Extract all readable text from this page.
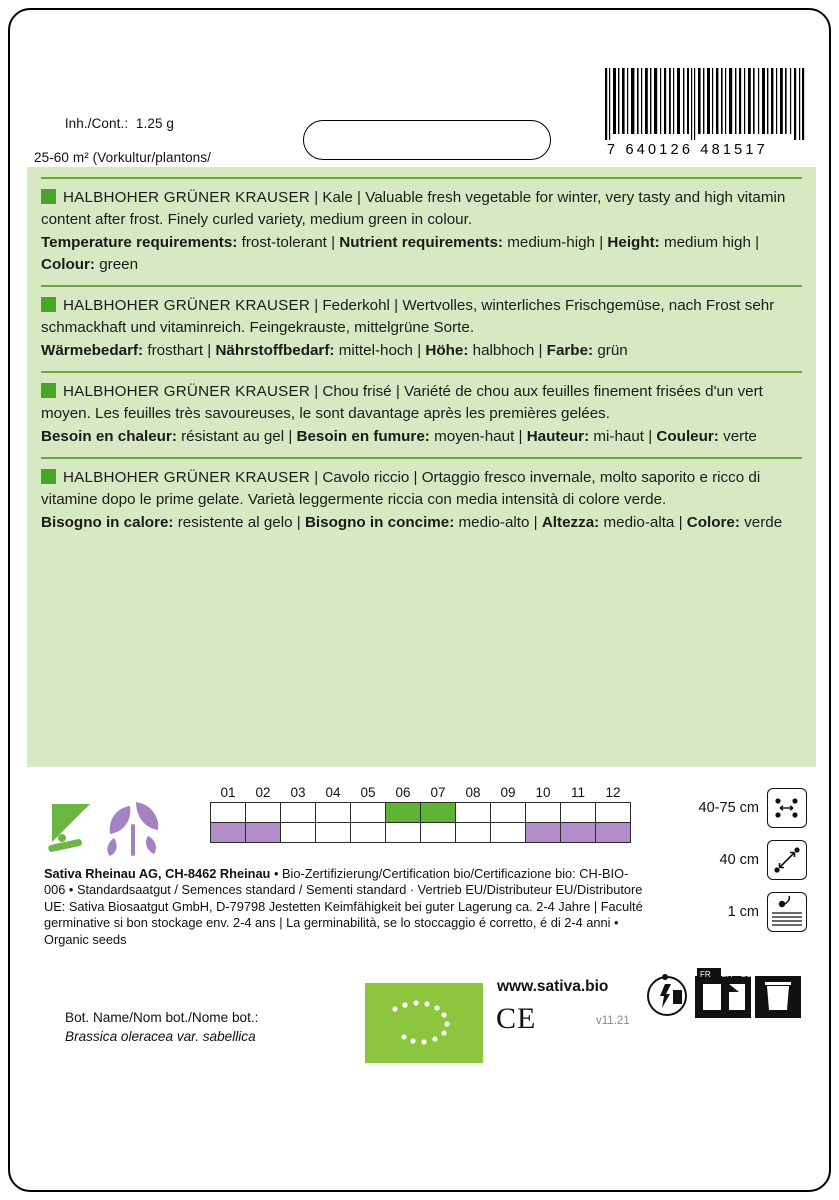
Inh./Cont.: 1.25 g

25-60 m² (Vorkultur/plantons/	7 640126 481517
HALBHOHER GRÜNER KRAUSER | Kale | Valuable fresh vegetable for winter, very tasty and high vitamin content after frost. Finely curled variety, medium green in colour.
Temperature requirements: frost-tolerant | Nutrient requirements: medium-high | Height: medium high | Colour: green
HALBHOHER GRÜNER KRAUSER | Federkohl | Wertvolles, winterliches Frischgemüse, nach Frost sehr schmackhaft und vitaminreich. Feingekrauste, mittelgrüne Sorte.
Wärmebedarf: frosthart | Nährstoffbedarf: mittel-hoch | Höhe: halbhoch | Farbe: grün
HALBHOHER GRÜNER KRAUSER | Chou frisé | Variété de chou aux feuilles finement frisées d'un vert moyen. Les feuilles très savoureuses, le sont davantage après les premières gelées.
Besoin en chaleur: résistant au gel | Besoin en fumure: moyen-haut | Hauteur: mi-haut | Couleur: verte
HALBHOHER GRÜNER KRAUSER | Cavolo riccio | Ortaggio fresco invernale, molto saporito e ricco di vitamine dopo le prime gelate. Varietà leggermente riccia con media intensità di colore verde.
Bisogno in calore: resistente al gelo | Bisogno in concime: medio-alto | Altezza: medio-alta | Colore: verde
01	02	03	04	05	06	07	08	09	10	11	12

40-75 cm
40 cm
1 cm
Sativa Rheinau AG, CH-8462 Rheinau • Bio-Zertifizierung/Certification bio/Certificazione bio: CH-BIO-006 • Standardsaatgut / Semences standard / Sementi standard · Vertrieb EU/Distributeur EU/Distributore UE: Sativa Biosaatgut GmbH, D-79798 Jestetten Keimfähigkeit bei guter Lagerung ca. 2-4 Jahre | Faculté germinative si bon stockage env. 2-4 ans | La germinabilità, se lo stoccaggio é corretto, é di 2-4 anni • Organic seeds
Bot. Name/Nom bot./Nome bot.:
Brassica oleracea var. sabellica
www.sativa.bio
CE	v11.21
FR CH DE
